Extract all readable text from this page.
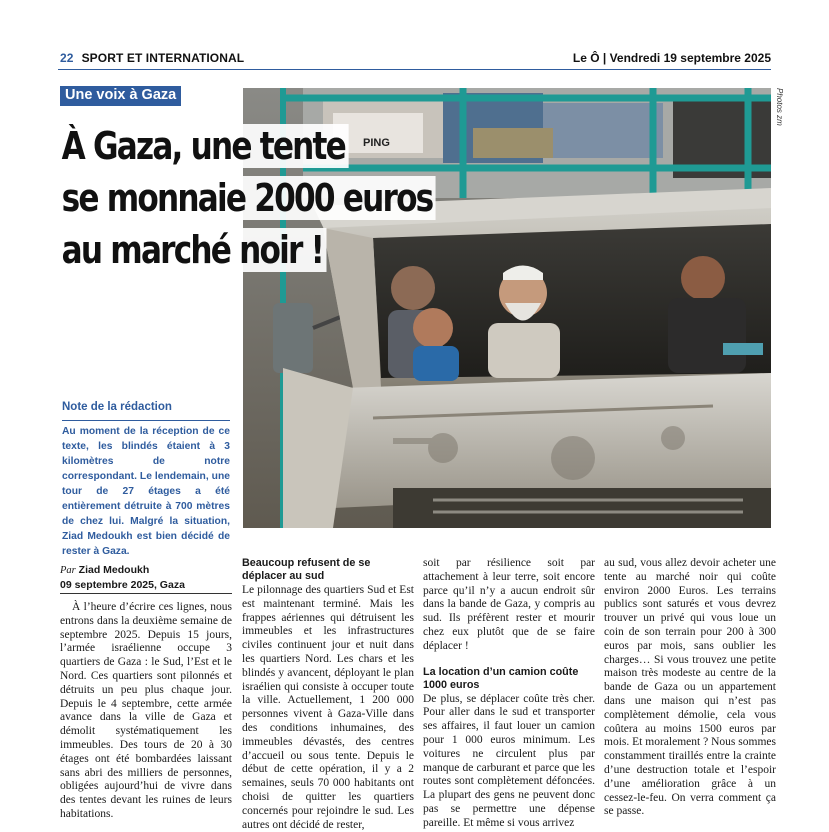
22 SPORT ET INTERNATIONAL	Le Ô | Vendredi 19 septembre 2025
PING
Photos zm
Une voix à Gaza
À Gaza, une tente
se monnaie 2000 euros
au marché noir !
Note de la rédaction
Au moment de la réception de ce texte, les blindés étaient à 3 kilomètres de notre correspondant. Le lendemain, une tour de 27 étages a été entièrement détruite à 700 mètres de chez lui. Malgré la situation, Ziad Medoukh est bien décidé de rester à Gaza.
Par Ziad Medoukh
09 septembre 2025, Gaza

À l’heure d’écrire ces lignes, nous entrons dans la deuxième semaine de septembre 2025. Depuis 15 jours, l’armée israélienne occupe 3 quartiers de Gaza : le Sud, l’Est et le Nord. Ces quartiers sont pilonnés et détruits un peu plus chaque jour. Depuis le 4 septembre, cette armée avance dans la ville de Gaza et démolit systématiquement les immeubles. Des tours de 20 à 30 étages ont été bombardées laissant sans abri des milliers de personnes, obligées aujourd’hui de vivre dans des tentes devant les ruines de leurs habitations.

Beaucoup refusent de se déplacer au sud

Le pilonnage des quartiers Sud et Est est maintenant terminé. Mais les frappes aériennes qui détruisent les immeubles et les infrastructures civiles continuent jour et nuit dans les quartiers Nord. Les chars et les blindés y avancent, déployant le plan israélien qui consiste à occuper toute la ville. Actuellement, 1 200 000 personnes vivent à Gaza-Ville dans des conditions inhumaines, des immeubles dévastés, des centres d’accueil ou sous tente. Depuis le début de cette opération, il y a 2 semaines, seuls 70 000 habitants ont choisi de quitter les quartiers concernés pour rejoindre le sud. Les autres ont décidé de rester,

soit par résilience soit par attachement à leur terre, soit encore parce qu’il n’y a aucun endroit sûr dans la bande de Gaza, y compris au sud. Ils préfèrent rester et mourir chez eux plutôt que de se faire déplacer !

La location d’un camion coûte 1000 euros

De plus, se déplacer coûte très cher. Pour aller dans le sud et transporter ses affaires, il faut louer un camion pour 1 000 euros minimum. Les voitures ne circulent plus par manque de carburant et parce que les routes sont complètement défoncées. La plupart des gens ne peuvent donc pas se permettre une dépense pareille. Et même si vous arrivez

au sud, vous allez devoir acheter une tente au marché noir qui coûte environ 2000 Euros. Les terrains publics sont saturés et vous devrez trouver un privé qui vous loue un coin de son terrain pour 200 à 300 euros par mois, sans oublier les charges… Si vous trouvez une petite maison très modeste au centre de la bande de Gaza ou un appartement dans une maison qui n’est pas complètement démolie, cela vous coûtera au moins 1500 euros par mois. Et moralement ? Nous sommes constamment tiraillés entre la crainte d’une destruction totale et l’espoir d’une amélioration grâce à un cessez-le-feu. On verra comment ça se passe.
